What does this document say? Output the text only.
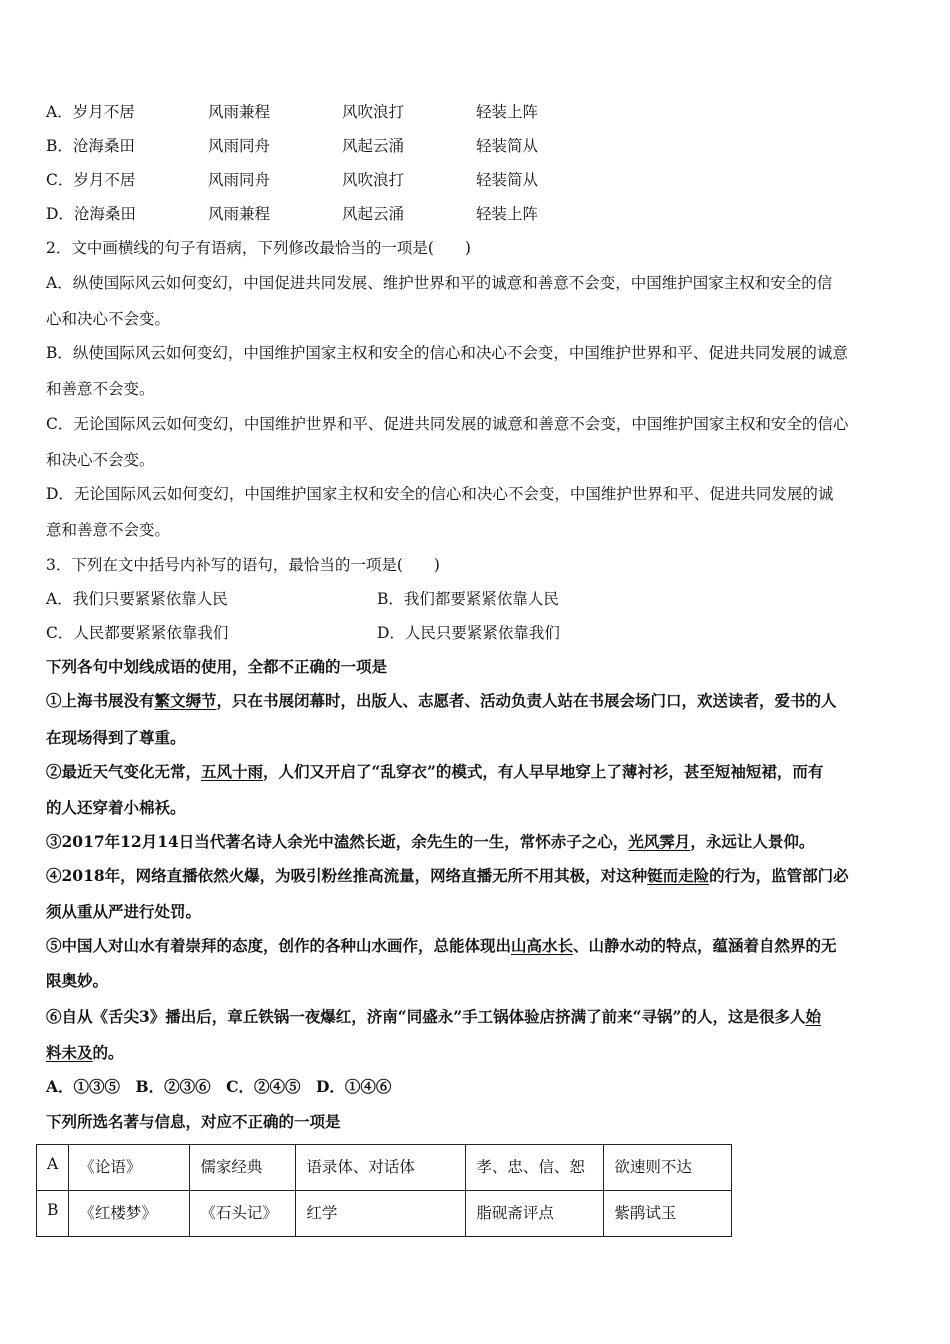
A．岁月不居	风雨兼程	风吹浪打	轻装上阵
B．沧海桑田	风雨同舟	风起云涌	轻装简从
C．岁月不居	风雨同舟	风吹浪打	轻装简从
D．沧海桑田	风雨兼程	风起云涌	轻装上阵
2．文中画横线的句子有语病，下列修改最恰当的一项是(　　)
A．纵使国际风云如何变幻，中国促进共同发展、维护世界和平的诚意和善意不会变，中国维护国家主权和安全的信
心和决心不会变。
B．纵使国际风云如何变幻，中国维护国家主权和安全的信心和决心不会变，中国维护世界和平、促进共同发展的诚意
和善意不会变。
C．无论国际风云如何变幻，中国维护世界和平、促进共同发展的诚意和善意不会变，中国维护国家主权和安全的信心
和决心不会变。
D．无论国际风云如何变幻，中国维护国家主权和安全的信心和决心不会变，中国维护世界和平、促进共同发展的诚
意和善意不会变。
3．下列在文中括号内补写的语句，最恰当的一项是(　　)
A．我们只要紧紧依靠人民	B．我们都要紧紧依靠人民
C．人民都要紧紧依靠我们	D．人民只要紧紧依靠我们
下列各句中划线成语的使用，全都不正确的一项是
①上海书展没有繁文缛节，只在书展闭幕时，出版人、志愿者、活动负责人站在书展会场门口，欢送读者，爱书的人
在现场得到了尊重。
②最近天气变化无常，五风十雨，人们又开启了“乱穿衣”的模式，有人早早地穿上了薄衬衫，甚至短袖短裙，而有
的人还穿着小棉袄。
③2017年12月14日当代著名诗人余光中溘然长逝，余先生的一生，常怀赤子之心，光风霁月，永远让人景仰。
④2018年，网络直播依然火爆，为吸引粉丝推高流量，网络直播无所不用其极，对这种铤而走险的行为，监管部门必
须从重从严进行处罚。
⑤中国人对山水有着崇拜的态度，创作的各种山水画作，总能体现出山高水长、山静水动的特点，蕴涵着自然界的无
限奥妙。
⑥自从《舌尖3》播出后，章丘铁锅一夜爆红，济南“同盛永”手工锅体验店挤满了前来“寻锅”的人，这是很多人始
料未及的。
A．①③⑤　B．②③⑥　C．②④⑤　D．①④⑥
下列所选名著与信息，对应不正确的一项是
A	《论语》	儒家经典	语录体、对话体	孝、忠、信、恕	欲速则不达
B	《红楼梦》	《石头记》	红学	脂砚斋评点	紫鹃试玉
